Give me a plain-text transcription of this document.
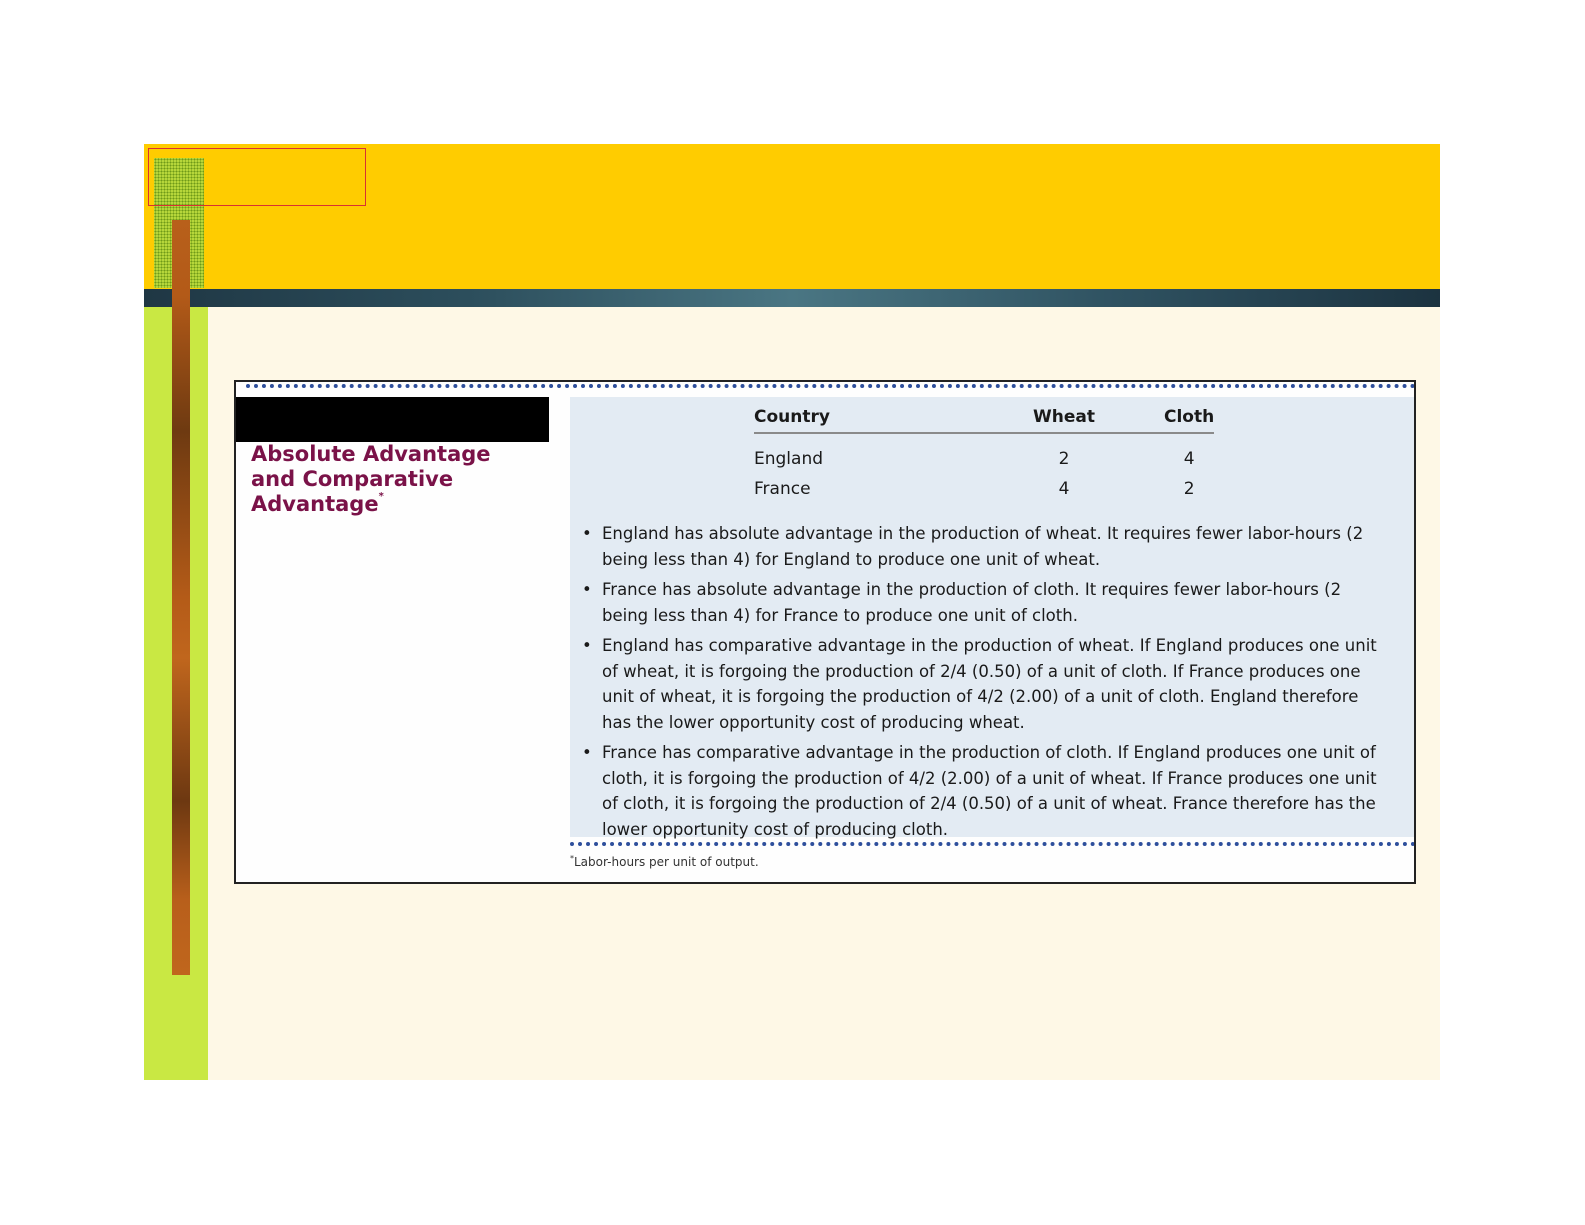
Absolute Advantage
and Comparative
Advantage*
Country	Wheat	Cloth
England	2	4
France	4	2
• England has absolute advantage in the production of wheat. It requires fewer labor-hours (2 being less than 4) for England to produce one unit of wheat.
• France has absolute advantage in the production of cloth. It requires fewer labor-hours (2 being less than 4) for France to produce one unit of cloth.
• England has comparative advantage in the production of wheat. If England produces one unit of wheat, it is forgoing the production of 2/4 (0.50) of a unit of cloth. If France produces one unit of wheat, it is forgoing the production of 4/2 (2.00) of a unit of cloth. England therefore has the lower opportunity cost of producing wheat.
• France has comparative advantage in the production of cloth. If England produces one unit of cloth, it is forgoing the production of 4/2 (2.00) of a unit of wheat. If France produces one unit of cloth, it is forgoing the production of 2/4 (0.50) of a unit of wheat. France therefore has the lower opportunity cost of producing cloth.
*Labor-hours per unit of output.
